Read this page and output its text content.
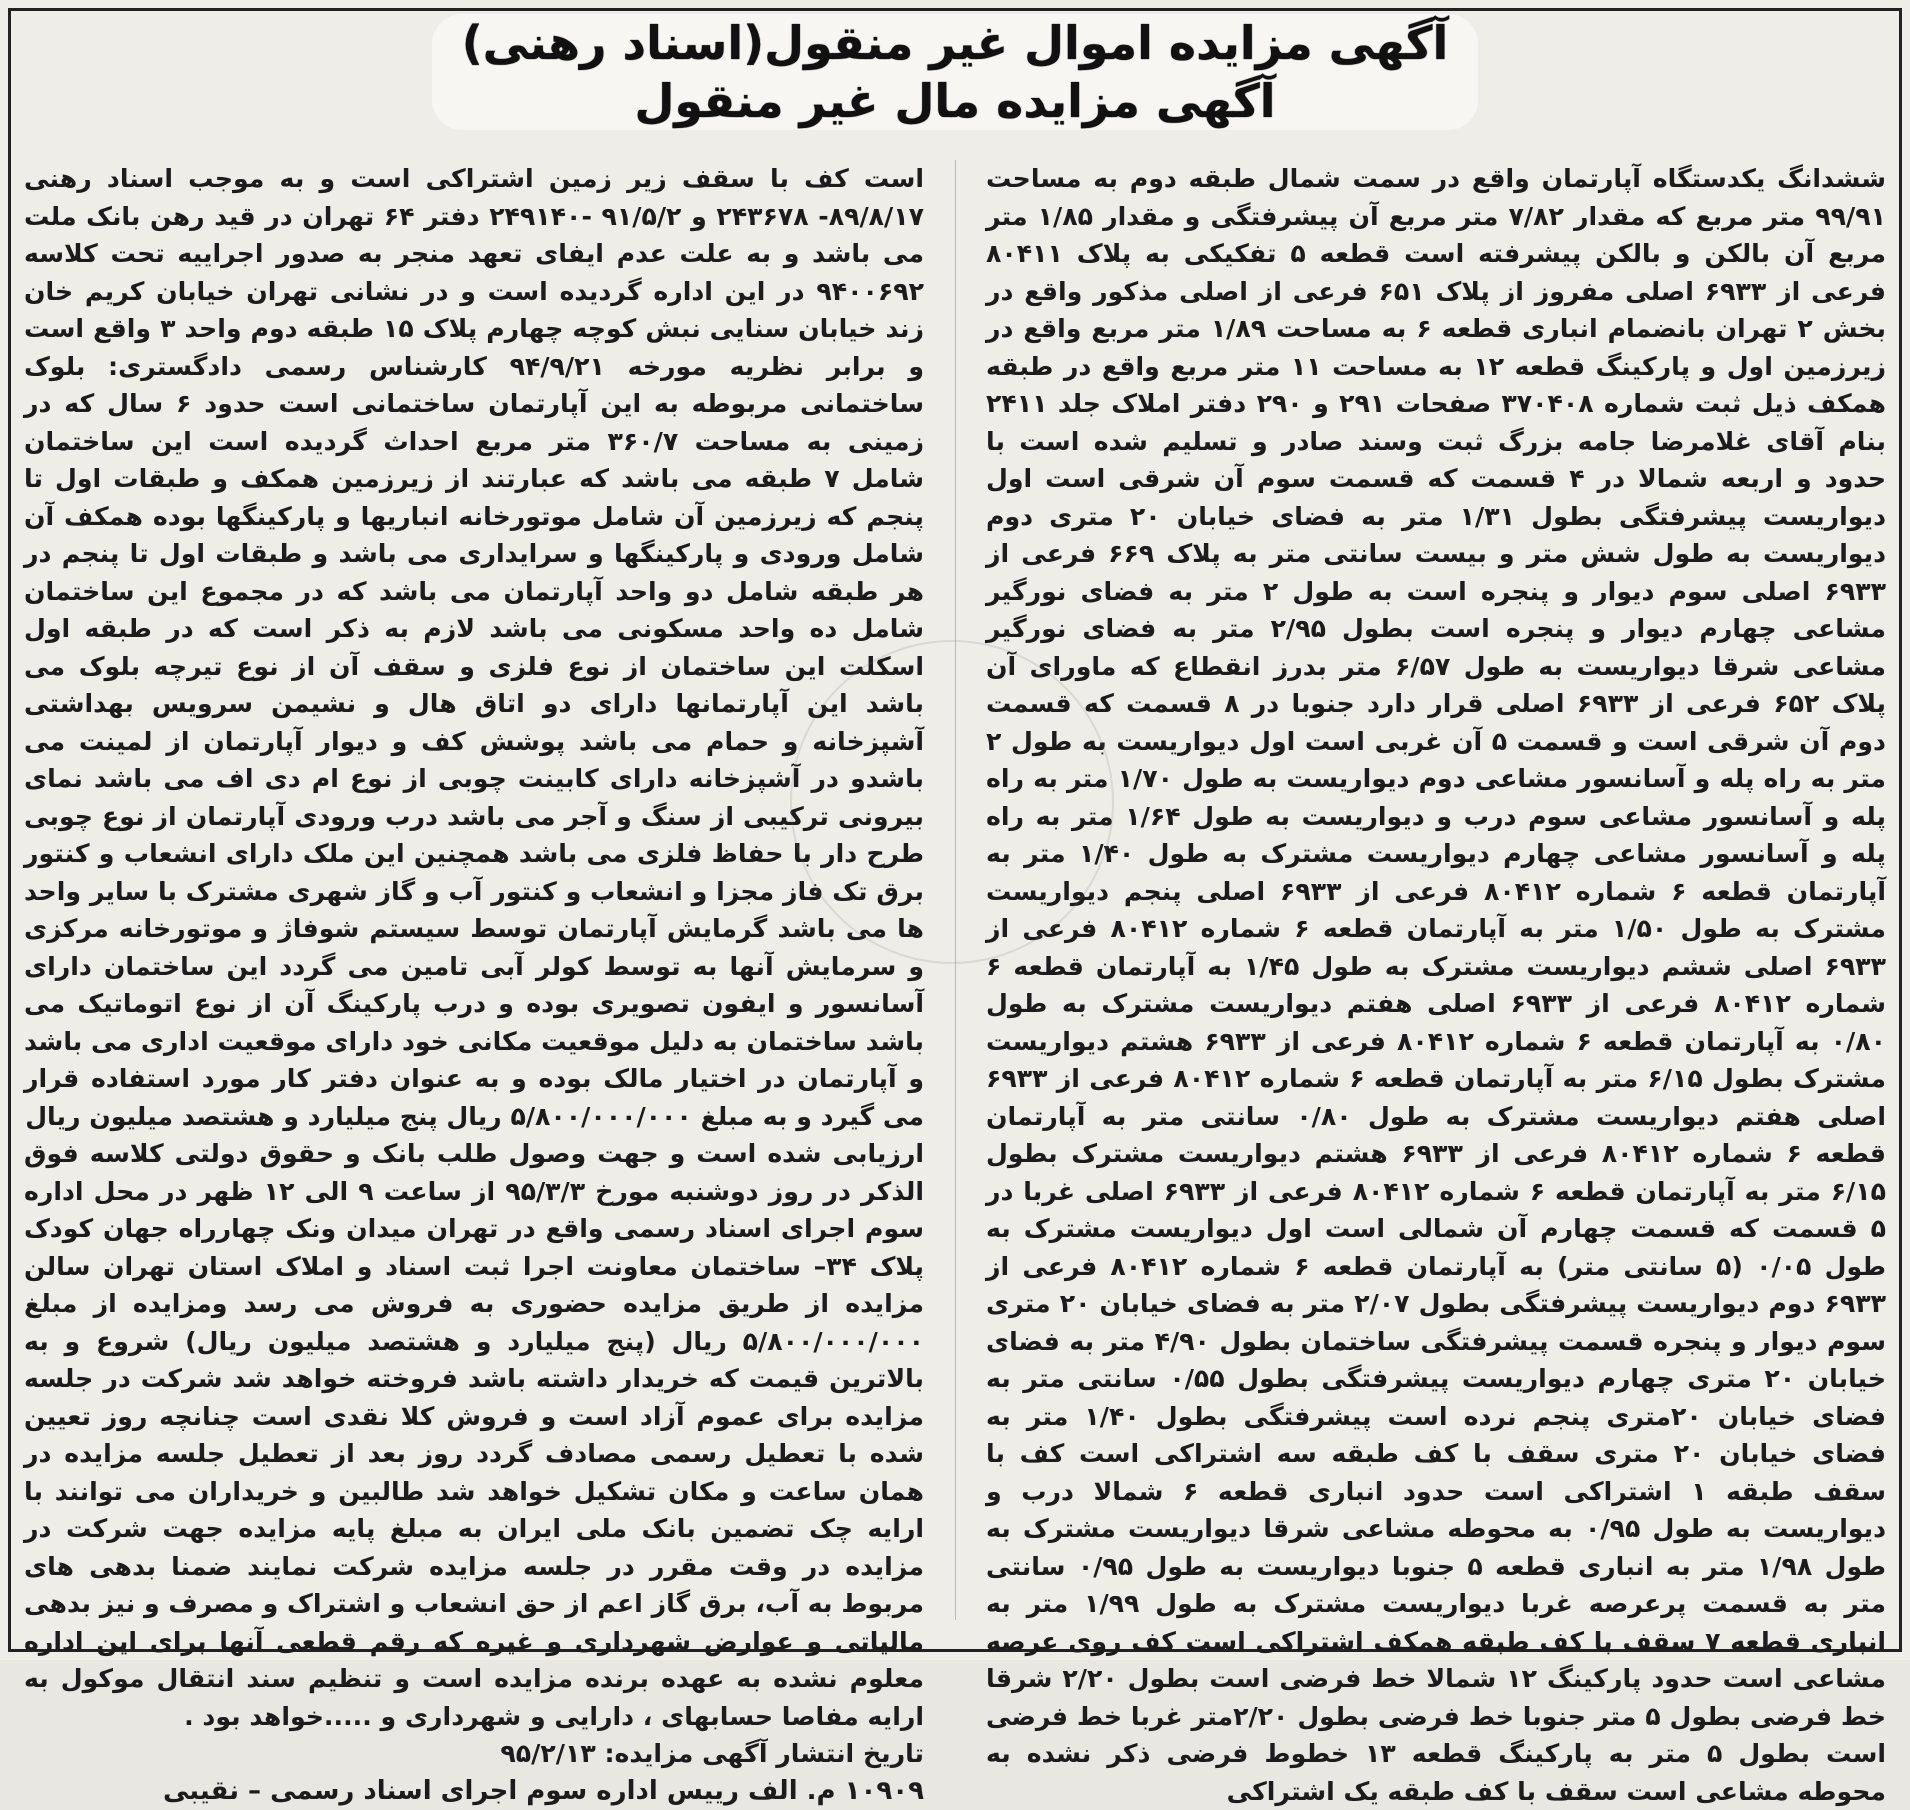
آگهی مزایده اموال غیر منقول(اسناد رهنی)
آگهی مزایده مال غیر منقول

ششدانگ یکدستگاه آپارتمان واقع در سمت شمال طبقه دوم به مساحت ۹۹/۹۱ متر مربع که مقدار ۷/۸۲ متر مربع آن پیشرفتگی و مقدار ۱/۸۵ متر مربع آن بالکن و بالکن پیشرفته است قطعه ۵ تفکیکی به پلاک ۸۰۴۱۱ فرعی از ۶۹۳۳ اصلی مفروز از پلاک ۶۵۱ فرعی از اصلی مذکور واقع در بخش ۲ تهران بانضمام انباری قطعه ۶ به مساحت ۱/۸۹ متر مربع واقع در زیرزمین اول و پارکینگ قطعه ۱۲ به مساحت ۱۱ متر مربع واقع در طبقه همکف ذیل ثبت شماره ۳۷۰۴۰۸ صفحات ۲۹۱ و ۲۹۰ دفتر املاک جلد ۲۴۱۱ بنام آقای غلامرضا جامه بزرگ ثبت وسند صادر و تسلیم شده است با حدود و اربعه شمالا در ۴ قسمت که قسمت سوم آن شرقی است اول دیواریست پیشرفتگی بطول ۱/۳۱ متر به فضای خیابان ۲۰ متری دوم دیواریست به طول شش متر و بیست سانتی متر به پلاک ۶۶۹ فرعی از ۶۹۳۳ اصلی سوم دیوار و پنجره است به طول ۲ متر به فضای نورگیر مشاعی چهارم دیوار و پنجره است بطول ۲/۹۵ متر به فضای نورگیر مشاعی شرقا دیواریست به طول ۶/۵۷ متر بدرز انقطاع که ماورای آن پلاک ۶۵۲ فرعی از ۶۹۳۳ اصلی قرار دارد جنوبا در ۸ قسمت که قسمت دوم آن شرقی است و قسمت ۵ آن غربی است اول دیواریست به طول ۲ متر به راه پله و آسانسور مشاعی دوم دیواریست به طول ۱/۷۰ متر به راه پله و آسانسور مشاعی سوم درب و دیواریست به طول ۱/۶۴ متر به راه پله و آسانسور مشاعی چهارم دیواریست مشترک به طول ۱/۴۰ متر به آپارتمان قطعه ۶ شماره ۸۰۴۱۲ فرعی از ۶۹۳۳ اصلی پنجم دیواریست مشترک به طول ۱/۵۰ متر به آپارتمان قطعه ۶ شماره ۸۰۴۱۲ فرعی از ۶۹۳۳ اصلی ششم دیواریست مشترک به طول ۱/۴۵ به آپارتمان قطعه ۶ شماره ۸۰۴۱۲ فرعی از ۶۹۳۳ اصلی هفتم دیواریست مشترک به طول ۰/۸۰ به آپارتمان قطعه ۶ شماره ۸۰۴۱۲ فرعی از ۶۹۳۳ هشتم دیواریست مشترک بطول ۶/۱۵ متر به آپارتمان قطعه ۶ شماره ۸۰۴۱۲ فرعی از ۶۹۳۳ اصلی هفتم دیواریست مشترک به طول ۰/۸۰ سانتی متر به آپارتمان قطعه ۶ شماره ۸۰۴۱۲ فرعی از ۶۹۳۳ هشتم دیواریست مشترک بطول ۶/۱۵ متر به آپارتمان قطعه ۶ شماره ۸۰۴۱۲ فرعی از ۶۹۳۳ اصلی غربا در ۵ قسمت که قسمت چهارم آن شمالی است اول دیواریست مشترک به طول ۰/۰۵ (۵ سانتی متر) به آپارتمان قطعه ۶ شماره ۸۰۴۱۲ فرعی از ۶۹۳۳ دوم دیواریست پیشرفتگی بطول ۲/۰۷ متر به فضای خیابان ۲۰ متری سوم دیوار و پنجره قسمت پیشرفتگی ساختمان بطول ۴/۹۰ متر به فضای خیابان ۲۰ متری چهارم دیواریست پیشرفتگی بطول ۰/۵۵ سانتی متر به فضای خیابان ۲۰متری پنجم نرده است پیشرفتگی بطول ۱/۴۰ متر به فضای خیابان ۲۰ متری سقف با کف طبقه سه اشتراکی است کف با سقف طبقه ۱ اشتراکی است حدود انباری قطعه ۶ شمالا درب و دیواریست به طول ۰/۹۵ به محوطه مشاعی شرقا دیواریست مشترک به طول ۱/۹۸ متر به انباری قطعه ۵ جنوبا دیواریست به طول ۰/۹۵ سانتی متر به قسمت پرعرصه غربا دیواریست مشترک به طول ۱/۹۹ متر به انباری قطعه ۷ سقف با کف طبقه همکف اشتراکی است کف روی عرصه مشاعی است حدود پارکینگ ۱۲ شمالا خط فرضی است بطول ۲/۲۰ شرقا خط فرضی بطول ۵ متر جنوبا خط فرضی بطول ۲/۲۰متر غربا خط فرضی است بطول ۵ متر به پارکینگ قطعه ۱۳ خطوط فرضی ذکر نشده به محوطه مشاعی است سقف با کف طبقه یک اشتراکی

است کف با سقف زیر زمین اشتراکی است و به موجب اسناد رهنی ۸۹/۸/۱۷- ۲۴۳۶۷۸ و ۹۱/۵/۲ -۲۴۹۱۴۰ دفتر ۶۴ تهران در قید رهن بانک ملت می باشد و به علت عدم ایفای تعهد منجر به صدور اجراییه تحت کلاسه ۹۴۰۰۶۹۲ در این اداره گردیده است و در نشانی تهران خیابان کریم خان زند خیابان سنایی نبش کوچه چهارم پلاک ۱۵ طبقه دوم واحد ۳ واقع است و برابر نظریه مورخه ۹۴/۹/۲۱ کارشناس رسمی دادگستری: بلوک ساختمانی مربوطه به این آپارتمان ساختمانی است حدود ۶ سال که در زمینی به مساحت ۳۶۰/۷ متر مربع احداث گردیده است این ساختمان شامل ۷ طبقه می باشد که عبارتند از زیرزمین همکف و طبقات اول تا پنجم که زیرزمین آن شامل موتورخانه انباریها و پارکینگها بوده همکف آن شامل ورودی و پارکینگها و سرایداری می باشد و طبقات اول تا پنجم در هر طبقه شامل دو واحد آپارتمان می باشد که در مجموع این ساختمان شامل ده واحد مسکونی می باشد لازم به ذکر است که در طبقه اول اسکلت این ساختمان از نوع فلزی و سقف آن از نوع تیرچه بلوک می باشد این آپارتمانها دارای دو اتاق هال و نشیمن سرویس بهداشتی آشپزخانه و حمام می باشد پوشش کف و دیوار آپارتمان از لمینت می باشدو در آشپزخانه دارای کابینت چوبی از نوع ام دی اف می باشد نمای بیرونی ترکیبی از سنگ و آجر می باشد درب ورودی آپارتمان از نوع چوبی طرح دار با حفاظ فلزی می باشد همچنین این ملک دارای انشعاب و کنتور برق تک فاز مجزا و انشعاب و کنتور آب و گاز شهری مشترک با سایر واحد ها می باشد گرمایش آپارتمان توسط سیستم شوفاژ و موتورخانه مرکزی و سرمایش آنها به توسط کولر آبی تامین می گردد این ساختمان دارای آسانسور و ایفون تصویری بوده و درب پارکینگ آن از نوع اتوماتیک می باشد ساختمان به دلیل موقعیت مکانی خود دارای موقعیت اداری می باشد و آپارتمان در اختیار مالک بوده و به عنوان دفتر کار مورد استفاده قرار می گیرد و به مبلغ ۵/۸۰۰/۰۰۰/۰۰۰ ریال پنج میلیارد و هشتصد میلیون ریال

ارزیابی شده است و جهت وصول طلب بانک و حقوق دولتی کلاسه فوق الذکر در روز دوشنبه مورخ ۹۵/۳/۳ از ساعت ۹ الی ۱۲ ظهر در محل اداره سوم اجرای اسناد رسمی واقع در تهران میدان ونک چهارراه جهان کودک پلاک ۳۴– ساختمان معاونت اجرا ثبت اسناد و املاک استان تهران سالن مزایده از طریق مزایده حضوری به فروش می رسد ومزایده از مبلغ ۵/۸۰۰/۰۰۰/۰۰۰ ریال (پنج میلیارد و هشتصد میلیون ریال) شروع و به بالاترین قیمت که خریدار داشته باشد فروخته خواهد شد شرکت در جلسه مزایده برای عموم آزاد است و فروش کلا نقدی است چنانچه روز تعیین شده با تعطیل رسمی مصادف گردد روز بعد از تعطیل جلسه مزایده در همان ساعت و مکان تشکیل خواهد شد طالبین و خریداران می توانند با ارایه چک تضمین بانک ملی ایران به مبلغ پایه مزایده جهت شرکت در مزایده در وقت مقرر در جلسه مزایده شرکت نمایند ضمنا بدهی های مربوط به آب، برق گاز اعم از حق انشعاب و اشتراک و مصرف و نیز بدهی مالیاتی و عوارض شهرداری و غیره که رقم قطعی آنها برای این اداره معلوم نشده به عهده برنده مزایده است و تنظیم سند انتقال موکول به ارایه مفاصا حسابهای ، دارایی و شهرداری و .....خواهد بود .

تاریخ انتشار آگهی مزایده: ۹۵/۲/۱۳

۱۰۹۰۹ م. الف رییس اداره سوم اجرای اسناد رسمی – نقیبی
